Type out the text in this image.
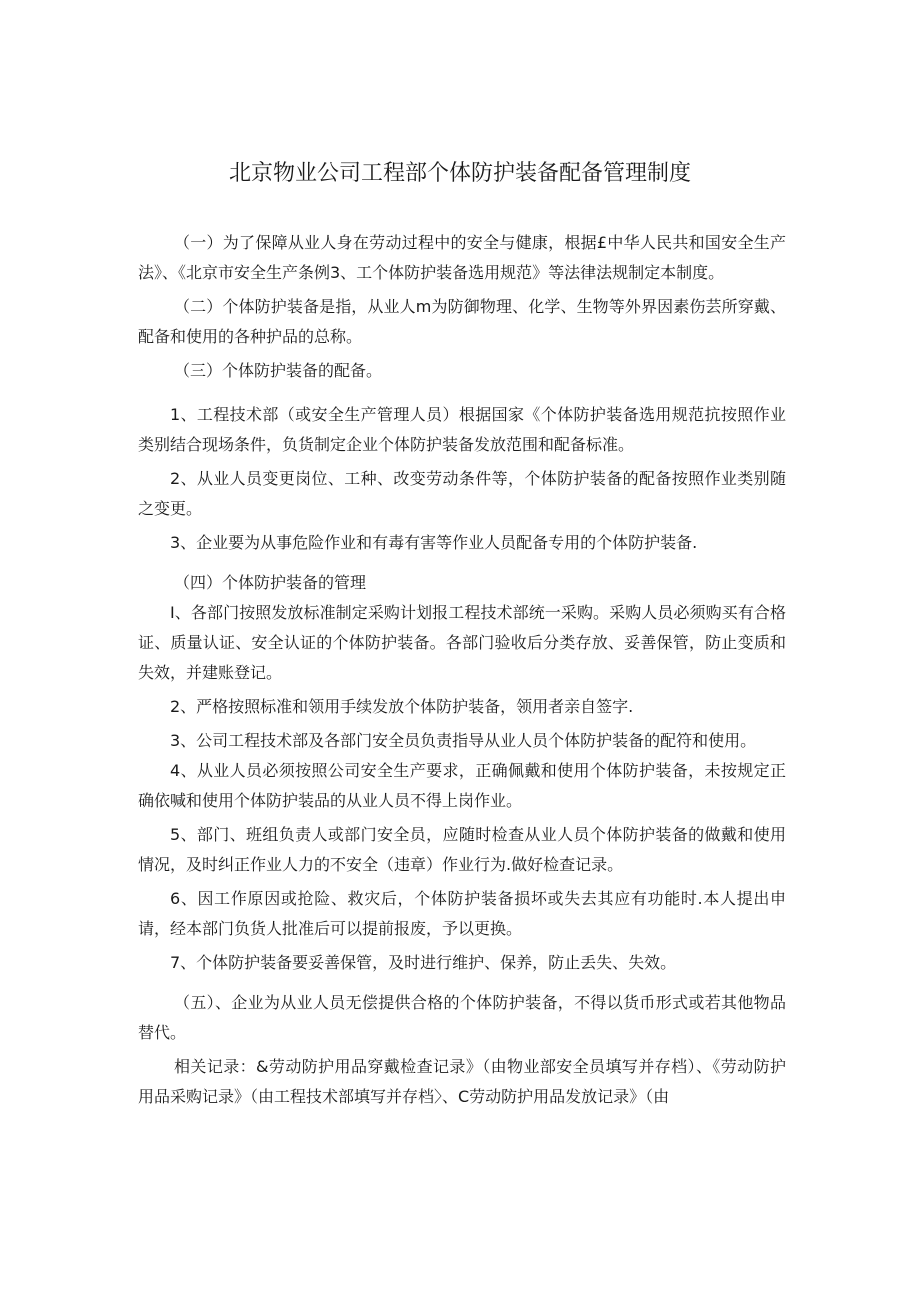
北京物业公司工程部个体防护装备配备管理制度

（一）为了保障从业人身在劳动过程中的安全与健康，根据£中华人民共和国安全生产法》、《北京市安全生产条例3、工个体防护装备选用规范》等法律法规制定本制度。

（二）个体防护装备是指，从业人m为防御物理、化学、生物等外界因素伤芸所穿戴、配备和使用的各种护品的总称。

（三）个体防护装备的配备。

1、工程技术部（或安全生产管理人员）根据国家《个体防护装备选用规范抗按照作业类别结合现场条件，负货制定企业个体防护装备发放范围和配备标准。

2、从业人员变更岗位、工种、改变劳动条件等，个体防护装备的配备按照作业类别随之变更。

3、企业要为从事危险作业和有毒有害等作业人员配备专用的个体防护装备.

（四）个体防护装备的管理

I、各部门按照发放标准制定采购计划报工程技术部统一采购。采购人员必须购买有合格证、质量认证、安全认证的个体防护装备。各部门验收后分类存放、妥善保管，防止变质和失效，并建账登记。

2、严格按照标准和领用手续发放个体防护装备，领用者亲自签字.

3、公司工程技术部及各部门安全员负责指导从业人员个体防护装备的配符和使用。

4、从业人员必须按照公司安全生产要求，正确佩戴和使用个体防护装备，未按规定正确依喊和使用个体防护装品的从业人员不得上岗作业。

5、部门、班组负责人或部门安全员，应随时检查从业人员个体防护装备的做戴和使用情况，及时纠正作业人力的不安全（违章）作业行为.做好检查记录。

6、因工作原因或抢险、救灾后，个体防护装备损坏或失去其应有功能时.本人提出申请，经本部门负货人批准后可以提前报废，予以更换。

7、个体防护装备要妥善保管，及时进行维护、保养，防止丢失、失效。

（五）、企业为从业人员无偿提供合格的个体防护装备，不得以货币形式或若其他物品替代。

相关记录：&劳动防护用品穿戴检查记录》（由物业部安全员填写并存档）、《劳动防护用品采购记录》（由工程技术部填写并存档〉、C劳动防护用品发放记录》（由
